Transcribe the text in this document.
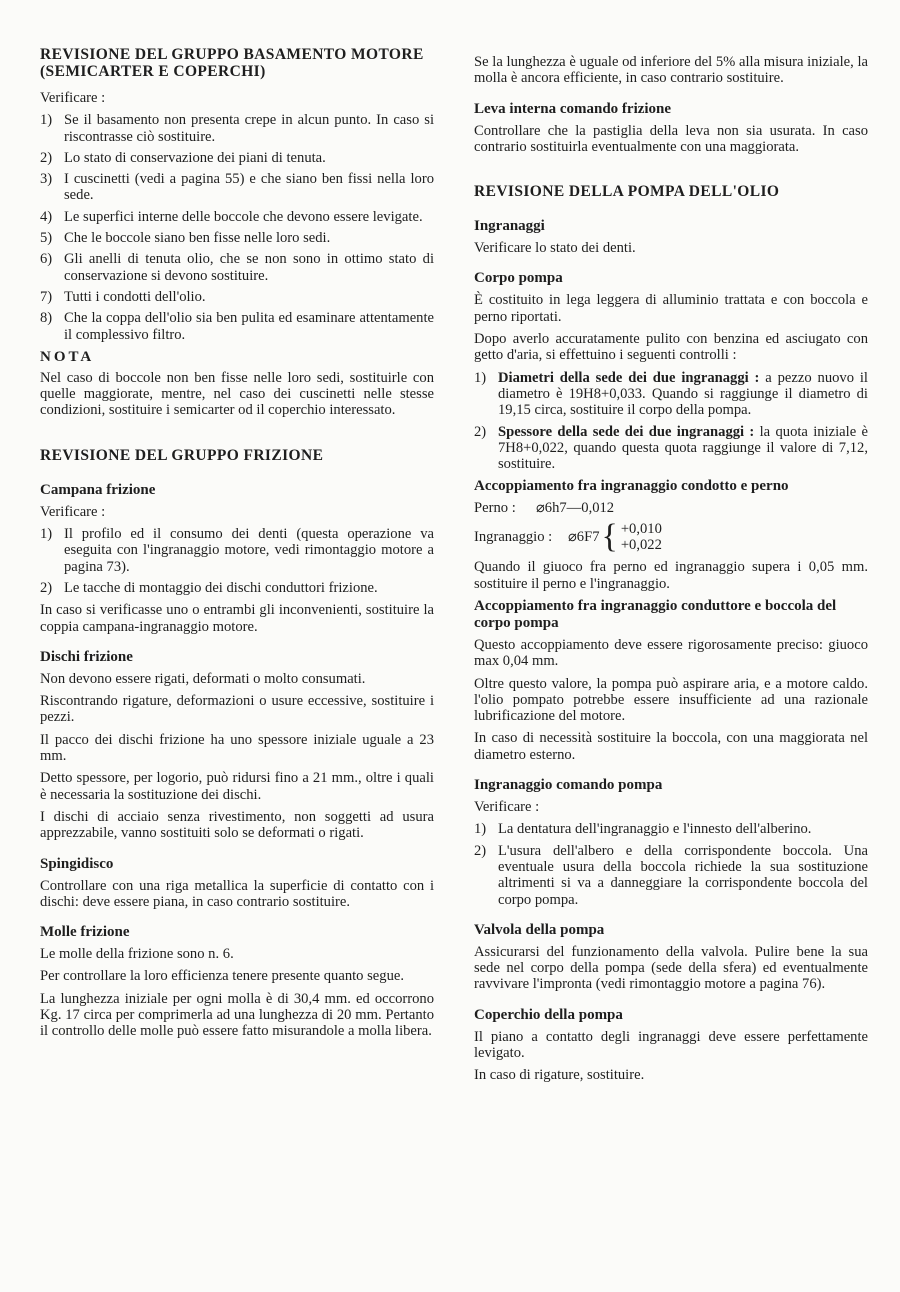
REVISIONE DEL GRUPPO BASAMENTO MOTORE (SEMICARTER E COPERCHI)

Verificare :

1) Se il basamento non presenta crepe in alcun punto. In caso si riscontrasse ciò sostituire.
2) Lo stato di conservazione dei piani di tenuta.
3) I cuscinetti (vedi a pagina 55) e che siano ben fissi nella loro sede.
4) Le superfici interne delle boccole che devono essere levigate.
5) Che le boccole siano ben fisse nelle loro sedi.
6) Gli anelli di tenuta olio, che se non sono in ottimo stato di conservazione si devono sostituire.
7) Tutti i condotti dell'olio.
8) Che la coppa dell'olio sia ben pulita ed esaminare attentamente il complessivo filtro.
NOTA

Nel caso di boccole non ben fisse nelle loro sedi, sostituirle con quelle maggiorate, mentre, nel caso dei cuscinetti nelle stesse condizioni, sostituire i semicarter od il coperchio interessato.

REVISIONE DEL GRUPPO FRIZIONE
Campana frizione

Verificare :

1) Il profilo ed il consumo dei denti (questa operazione va eseguita con l'ingranaggio motore, vedi rimontaggio motore a pagina 73).
2) Le tacche di montaggio dei dischi conduttori frizione.

In caso si verificasse uno o entrambi gli inconvenienti, sostituire la coppia campana-ingranaggio motore.

Dischi frizione

Non devono essere rigati, deformati o molto consumati.

Riscontrando rigature, deformazioni o usure eccessive, sostituire i pezzi.

Il pacco dei dischi frizione ha uno spessore iniziale uguale a 23 mm.

Detto spessore, per logorio, può ridursi fino a 21 mm., oltre i quali è necessaria la sostituzione dei dischi.

I dischi di acciaio senza rivestimento, non soggetti ad usura apprezzabile, vanno sostituiti solo se deformati o rigati.

Spingidisco

Controllare con una riga metallica la superficie di contatto con i dischi: deve essere piana, in caso contrario sostituire.

Molle frizione

Le molle della frizione sono n. 6.

Per controllare la loro efficienza tenere presente quanto segue.

La lunghezza iniziale per ogni molla è di 30,4 mm. ed occorrono Kg. 17 circa per comprimerla ad una lunghezza di 20 mm. Pertanto il controllo delle molle può essere fatto misurandole a molla libera.

Se la lunghezza è uguale od inferiore del 5% alla misura iniziale, la molla è ancora efficiente, in caso contrario sostituire.

Leva interna comando frizione

Controllare che la pastiglia della leva non sia usurata. In caso contrario sostituirla eventualmente con una maggiorata.

REVISIONE DELLA POMPA DELL'OLIO
Ingranaggi

Verificare lo stato dei denti.

Corpo pompa

È costituito in lega leggera di alluminio trattata e con boccola e perno riportati.

Dopo averlo accuratamente pulito con benzina ed asciugato con getto d'aria, si effettuino i seguenti controlli :

1) Diametri della sede dei due ingranaggi : a pezzo nuovo il diametro è 19H8+0,033. Quando si raggiunge il diametro di 19,15 circa, sostituire il corpo della pompa.
2) Spessore della sede dei due ingranaggi : la quota iniziale è 7H8+0,022, quando questa quota raggiunge il valore di 7,12, sostituire.
Accoppiamento fra ingranaggio condotto e perno
Perno :	⌀6h7—0,012
Ingranaggio :	⌀6F7 { +0,010
+0,022

Quando il giuoco fra perno ed ingranaggio supera i 0,05 mm. sostituire il perno e l'ingranaggio.

Accoppiamento fra ingranaggio conduttore e boccola del corpo pompa

Questo accoppiamento deve essere rigorosamente preciso: giuoco max 0,04 mm.

Oltre questo valore, la pompa può aspirare aria, e a motore caldo. l'olio pompato potrebbe essere insufficiente ad una razionale lubrificazione del motore.

In caso di necessità sostituire la boccola, con una maggiorata nel diametro esterno.

Ingranaggio comando pompa

Verificare :

1) La dentatura dell'ingranaggio e l'innesto dell'alberino.
2) L'usura dell'albero e della corrispondente boccola. Una eventuale usura della boccola richiede la sua sostituzione altrimenti si va a danneggiare la corrispondente boccola del corpo pompa.
Valvola della pompa

Assicurarsi del funzionamento della valvola. Pulire bene la sua sede nel corpo della pompa (sede della sfera) ed eventualmente ravvivare l'impronta (vedi rimontaggio motore a pagina 76).

Coperchio della pompa

Il piano a contatto degli ingranaggi deve essere perfettamente levigato.

In caso di rigature, sostituire.
